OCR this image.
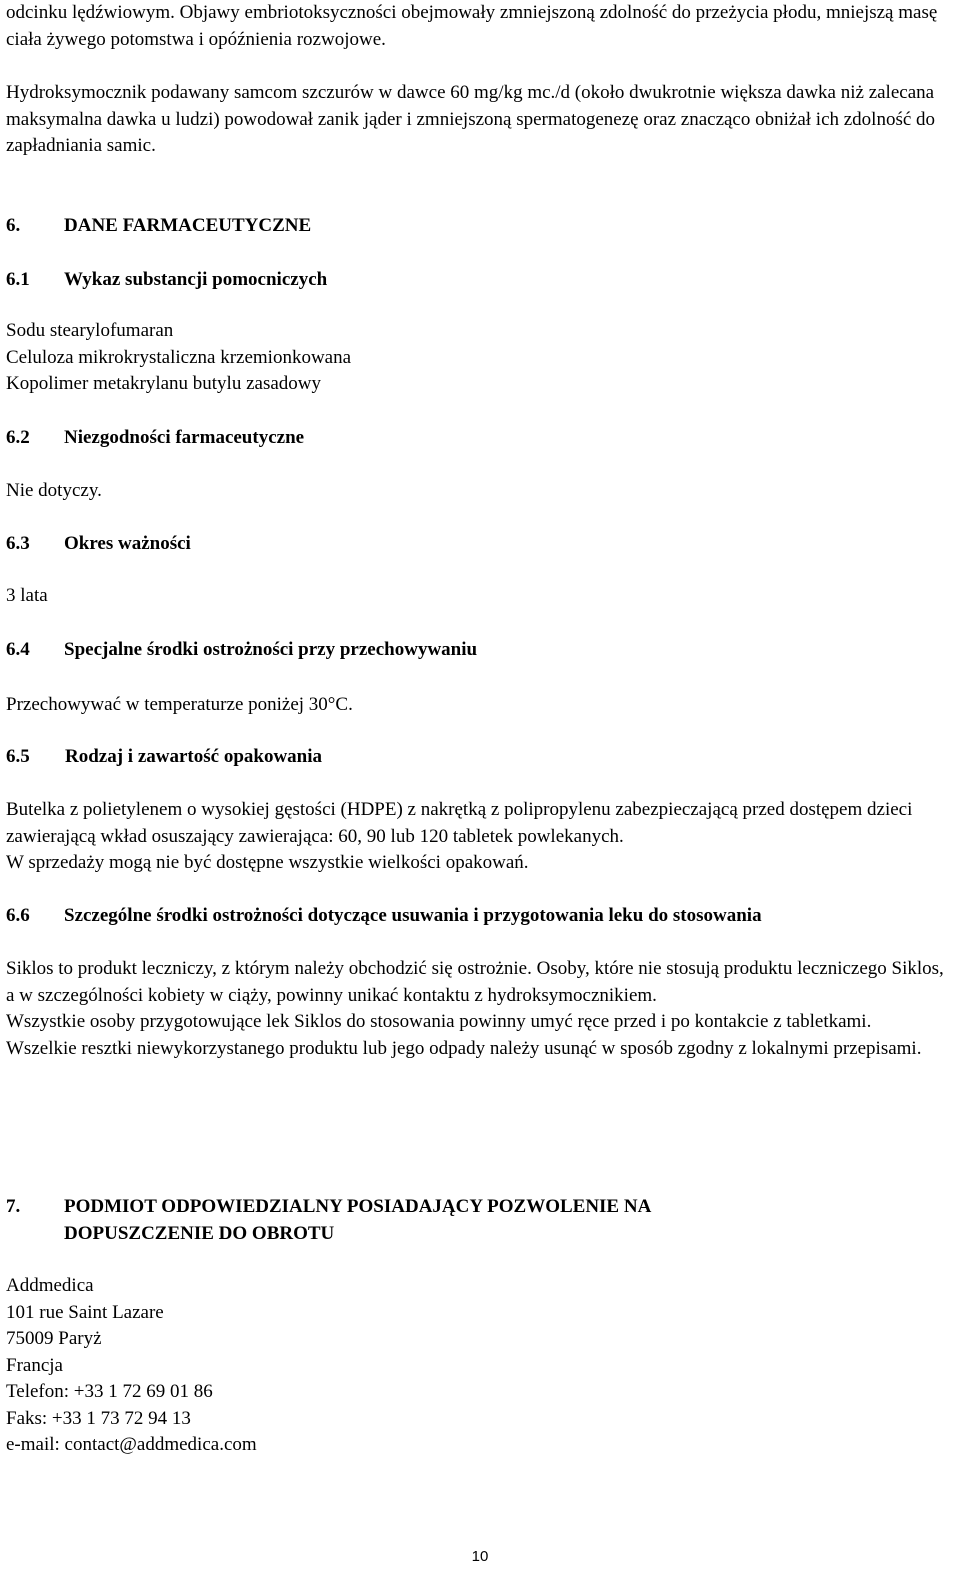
odcinku lędźwiowym. Objawy embriotoksyczności obejmowały zmniejszoną zdolność do przeżycia płodu, mniejszą masę ciała żywego potomstwa i opóźnienia rozwojowe.

Hydroksymocznik podawany samcom szczurów w dawce 60 mg/kg mc./d (około dwukrotnie większa dawka niż zalecana maksymalna dawka u ludzi) powodował zanik jąder i zmniejszoną spermatogenezę oraz znacząco obniżał ich zdolność do zapładniania samic.

6. DANE FARMACEUTYCZNE
6.1 Wykaz substancji pomocniczych

Sodu stearylofumaran

Celuloza mikrokrystaliczna krzemionkowana

Kopolimer metakrylanu butylu zasadowy

6.2 Niezgodności farmaceutyczne
Nie dotyczy.
6.3 Okres ważności
3 lata
6.4 Specjalne środki ostrożności przy przechowywaniu
Przechowywać w temperaturze poniżej 30°C.
6.5 Rodzaj i zawartość opakowania

Butelka z polietylenem o wysokiej gęstości (HDPE) z nakrętką z polipropylenu zabezpieczającą przed dostępem dzieci zawierającą wkład osuszający zawierająca: 60, 90 lub 120 tabletek powlekanych.

W sprzedaży mogą nie być dostępne wszystkie wielkości opakowań.

6.6 Szczególne środki ostrożności dotyczące usuwania i przygotowania leku do stosowania

Siklos to produkt leczniczy, z którym należy obchodzić się ostrożnie. Osoby, które nie stosują produktu leczniczego Siklos, a w szczególności kobiety w ciąży, powinny unikać kontaktu z hydroksymocznikiem.

Wszystkie osoby przygotowujące lek Siklos do stosowania powinny umyć ręce przed i po kontakcie z tabletkami.

Wszelkie resztki niewykorzystanego produktu lub jego odpady należy usunąć w sposób zgodny z lokalnymi przepisami.

7. PODMIOT ODPOWIEDZIALNY POSIADAJĄCY POZWOLENIE NA
DOPUSZCZENIE DO OBROTU

Addmedica

101 rue Saint Lazare

75009 Paryż

Francja

Telefon: +33 1 72 69 01 86

Faks: +33 1 73 72 94 13

e-mail: contact@addmedica.com

10
